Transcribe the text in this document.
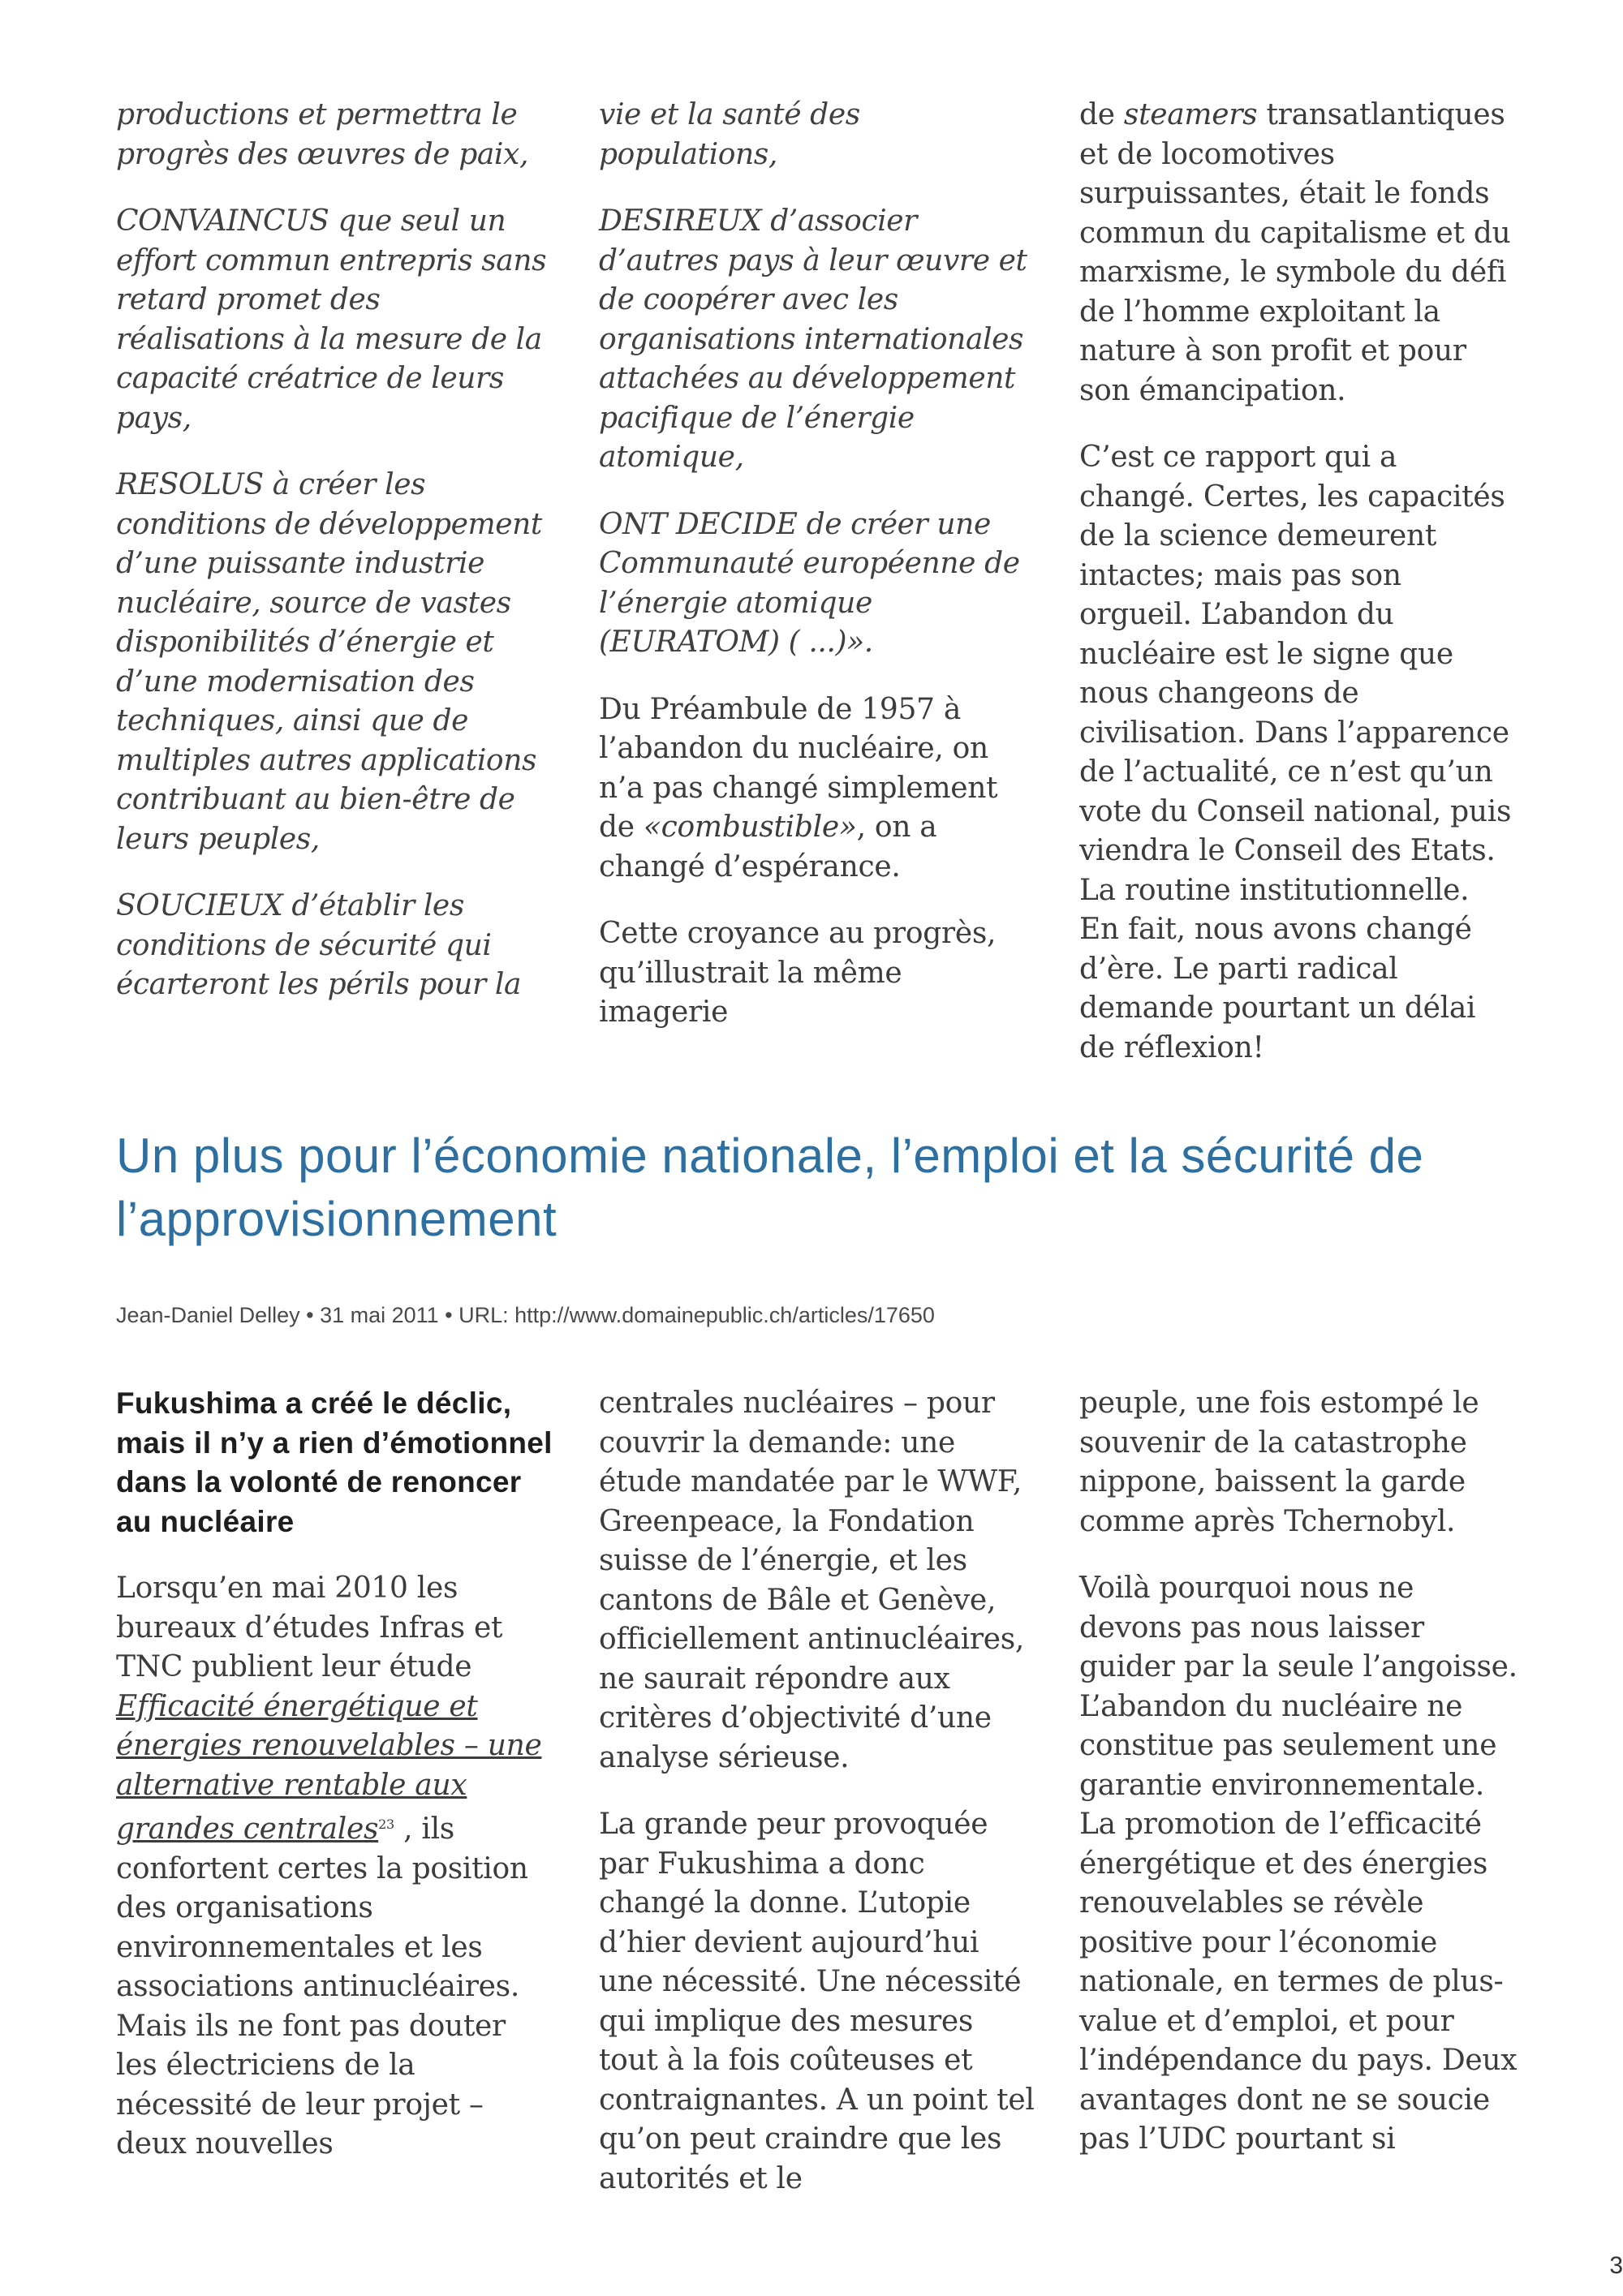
productions et permettra le progrès des œuvres de paix,

CONVAINCUS que seul un effort commun entrepris sans retard promet des réalisations à la mesure de la capacité créatrice de leurs pays,

RESOLUS à créer les conditions de développement d’une puissante industrie nucléaire, source de vastes disponibilités d’énergie et d’une modernisation des techniques, ainsi que de multiples autres applications contribuant au bien-être de leurs peuples,

SOUCIEUX d’établir les conditions de sécurité qui écarteront les périls pour la

vie et la santé des populations,

DESIREUX d’associer d’autres pays à leur œuvre et de coopérer avec les organisations internationales attachées au développement pacifique de l’énergie atomique,

ONT DECIDE de créer une Communauté européenne de l’énergie atomique (EURATOM) ( ...)».

Du Préambule de 1957 à l’abandon du nucléaire, on n’a pas changé simplement de «combustible», on a changé d’espérance.

Cette croyance au progrès, qu’illustrait la même imagerie

de steamers transatlantiques et de locomotives surpuissantes, était le fonds commun du capitalisme et du marxisme, le symbole du défi de l’homme exploitant la nature à son profit et pour son émancipation.

C’est ce rapport qui a changé. Certes, les capacités de la science demeurent intactes; mais pas son orgueil. L’abandon du nucléaire est le signe que nous changeons de civilisation. Dans l’apparence de l’actualité, ce n’est qu’un vote du Conseil national, puis viendra le Conseil des Etats. La routine institutionnelle. En fait, nous avons changé d’ère. Le parti radical demande pourtant un délai de réflexion!

Un plus pour l’économie nationale, l’emploi et la sécurité de l’approvisionnement
Jean-Daniel Delley • 31 mai 2011 • URL: http://www.domainepublic.ch/articles/17650

Fukushima a créé le déclic, mais il n’y a rien d’émotionnel dans la volonté de renoncer au nucléaire

Lorsqu’en mai 2010 les bureaux d’études Infras et TNC publient leur étude Efficacité énergétique et énergies renouvelables – une alternative rentable aux grandes centrales$^{23}$ , ils confortent certes la position des organisations environnementales et les associations antinucléaires. Mais ils ne font pas douter les électriciens de la nécessité de leur projet – deux nouvelles

centrales nucléaires – pour couvrir la demande: une étude mandatée par le WWF, Greenpeace, la Fondation suisse de l’énergie, et les cantons de Bâle et Genève, officiellement antinucléaires, ne saurait répondre aux critères d’objectivité d’une analyse sérieuse.

La grande peur provoquée par Fukushima a donc changé la donne. L’utopie d’hier devient aujourd’hui une nécessité. Une nécessité qui implique des mesures tout à la fois coûteuses et contraignantes. A un point tel qu’on peut craindre que les autorités et le

peuple, une fois estompé le souvenir de la catastrophe nippone, baissent la garde comme après Tchernobyl.

Voilà pourquoi nous ne devons pas nous laisser guider par la seule l’angoisse. L’abandon du nucléaire ne constitue pas seulement une garantie environnementale. La promotion de l’efficacité énergétique et des énergies renouvelables se révèle positive pour l’économie nationale, en termes de plus-value et d’emploi, et pour l’indépendance du pays. Deux avantages dont ne se soucie pas l’UDC pourtant si

3
